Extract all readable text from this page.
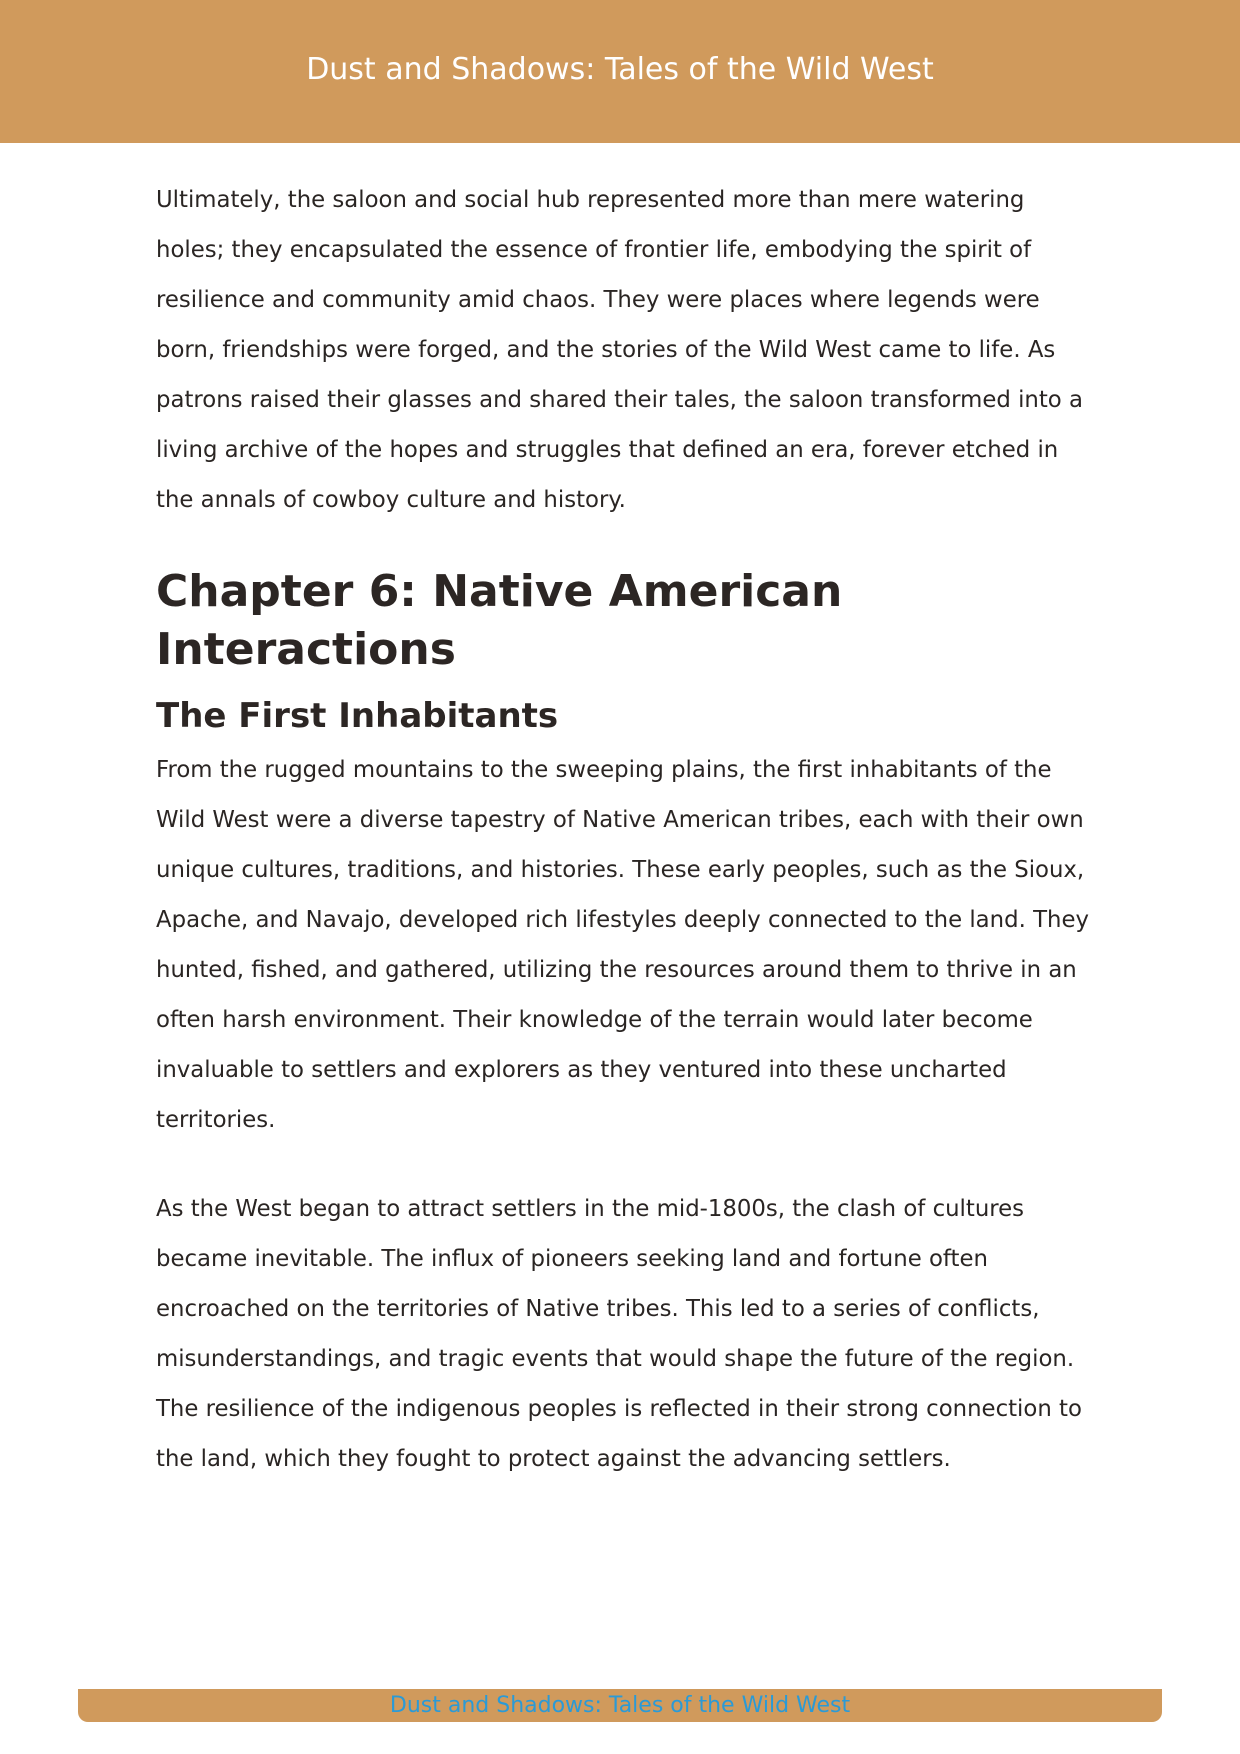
Dust and Shadows: Tales of the Wild West

Ultimately, the saloon and social hub represented more than mere watering holes; they encapsulated the essence of frontier life, embodying the spirit of resilience and community amid chaos. They were places where legends were born, friendships were forged, and the stories of the Wild West came to life. As patrons raised their glasses and shared their tales, the saloon transformed into a living archive of the hopes and struggles that defined an era, forever etched in the annals of cowboy culture and history.

Chapter 6: Native American Interactions
The First Inhabitants

From the rugged mountains to the sweeping plains, the first inhabitants of the Wild West were a diverse tapestry of Native American tribes, each with their own unique cultures, traditions, and histories. These early peoples, such as the Sioux, Apache, and Navajo, developed rich lifestyles deeply connected to the land. They hunted, fished, and gathered, utilizing the resources around them to thrive in an often harsh environment. Their knowledge of the terrain would later become invaluable to settlers and explorers as they ventured into these uncharted territories.

As the West began to attract settlers in the mid-1800s, the clash of cultures became inevitable. The influx of pioneers seeking land and fortune often encroached on the territories of Native tribes. This led to a series of conflicts, misunderstandings, and tragic events that would shape the future of the region. The resilience of the indigenous peoples is reflected in their strong connection to the land, which they fought to protect against the advancing settlers.

Dust and Shadows: Tales of the Wild West
